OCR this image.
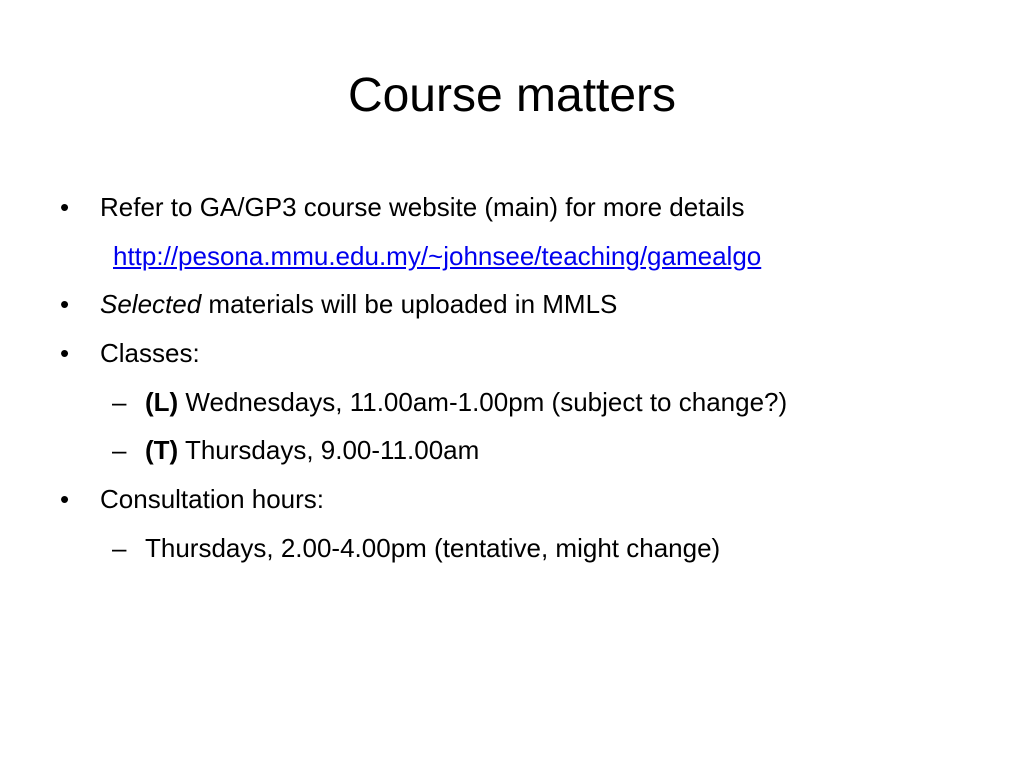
Course matters
•	Refer to GA/GP3 course website (main) for more details
http://pesona.mmu.edu.my/~johnsee/teaching/gamealgo
•	Selected materials will be uploaded in MMLS
•	Classes:
– (L) Wednesdays, 11.00am-1.00pm (subject to change?)
– (T) Thursdays, 9.00-11.00am
•	Consultation hours:
– Thursdays, 2.00-4.00pm (tentative, might change)
